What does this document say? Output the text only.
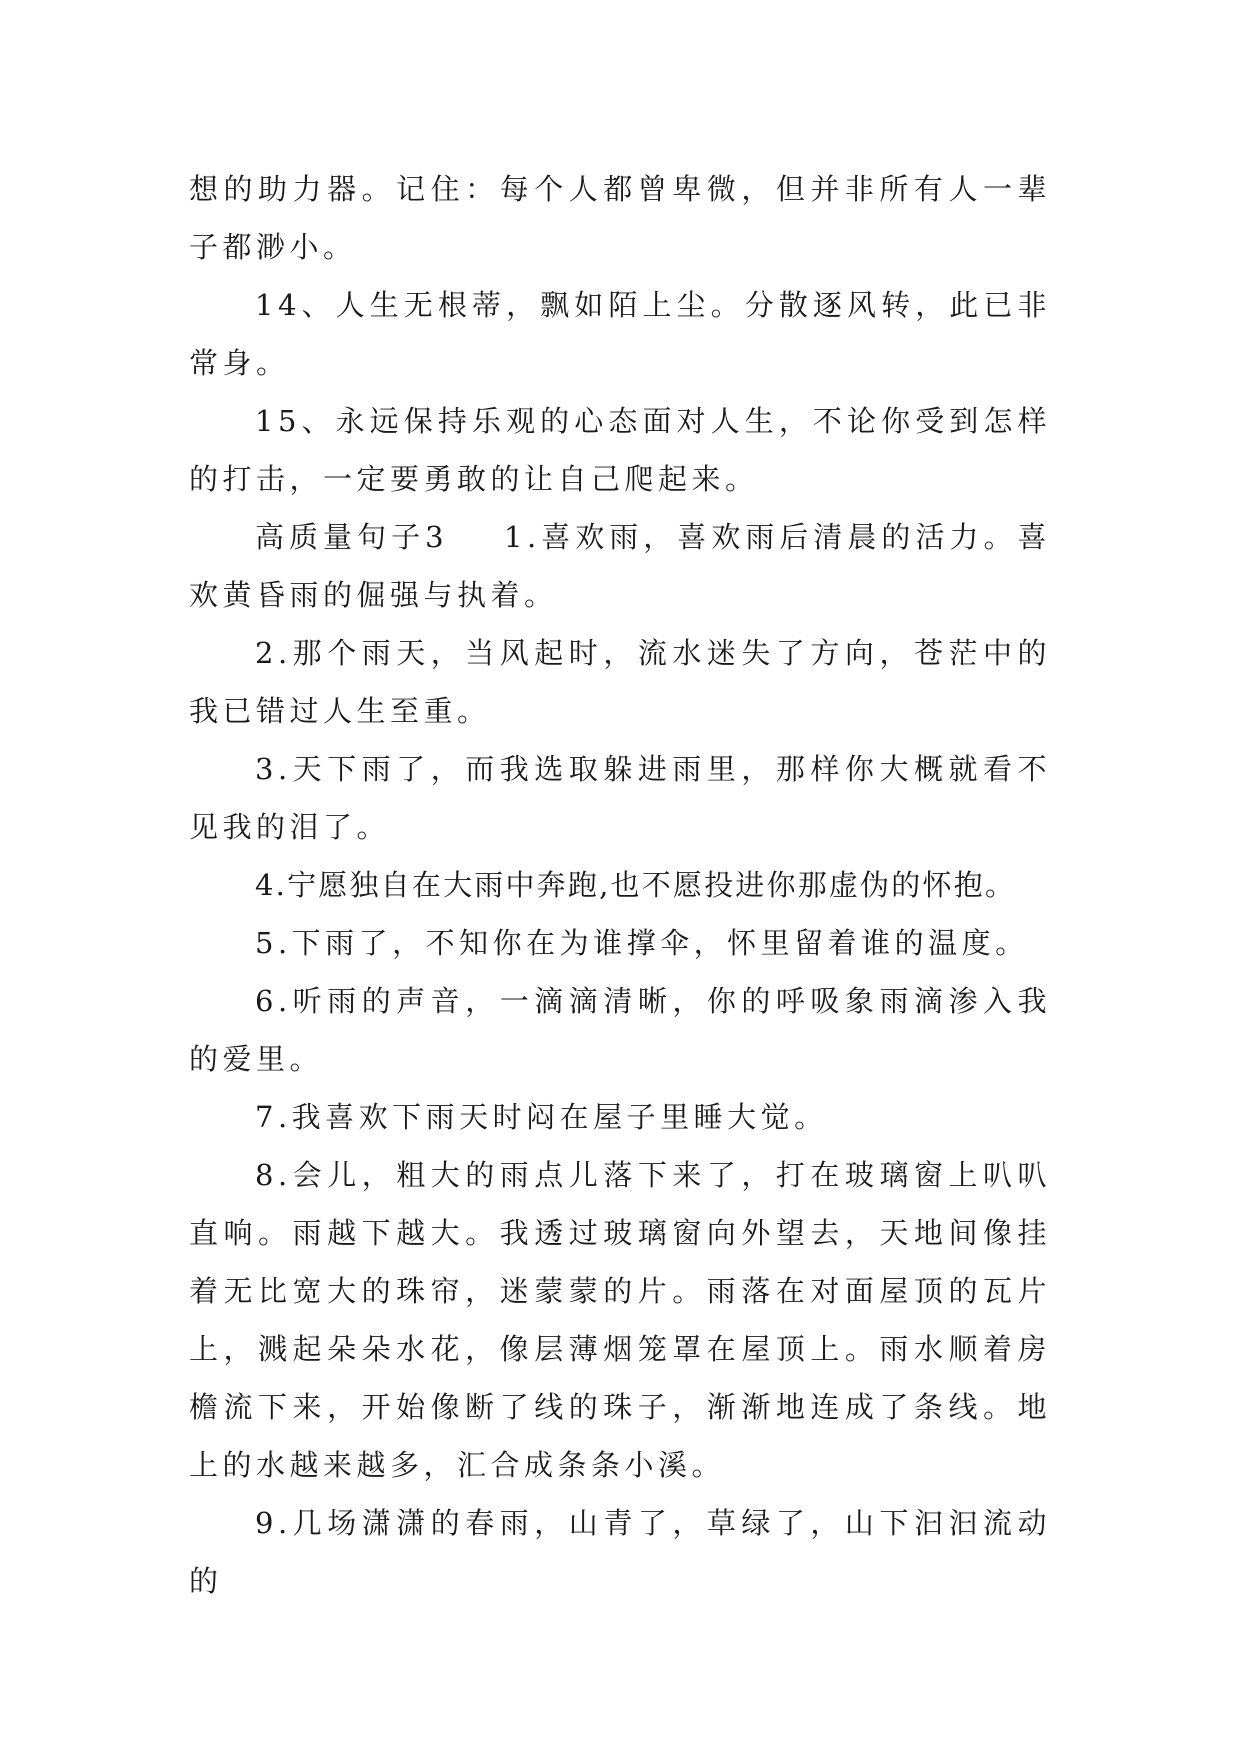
想的助力器。记住：每个人都曾卑微，但并非所有人一辈子都渺小。

14、人生无根蒂，飘如陌上尘。分散逐风转，此已非常身。

15、永远保持乐观的心态面对人生，不论你受到怎样的打击，一定要勇敢的让自己爬起来。

高质量句子3 1.喜欢雨，喜欢雨后清晨的活力。喜欢黄昏雨的倔强与执着。

2.那个雨天，当风起时，流水迷失了方向，苍茫中的我已错过人生至重。

3.天下雨了，而我选取躲进雨里，那样你大概就看不见我的泪了。

4.宁愿独自在大雨中奔跑,也不愿投进你那虚伪的怀抱。

5.下雨了，不知你在为谁撑伞，怀里留着谁的温度。

6.听雨的声音，一滴滴清晰，你的呼吸象雨滴渗入我的爱里。

7.我喜欢下雨天时闷在屋子里睡大觉。

8.会儿，粗大的雨点儿落下来了，打在玻璃窗上叭叭直响。雨越下越大。我透过玻璃窗向外望去，天地间像挂着无比宽大的珠帘，迷蒙蒙的片。雨落在对面屋顶的瓦片上，溅起朵朵水花，像层薄烟笼罩在屋顶上。雨水顺着房檐流下来，开始像断了线的珠子，渐渐地连成了条线。地上的水越来越多，汇合成条条小溪。

9.几场潇潇的春雨，山青了，草绿了，山下汩汩流动的
